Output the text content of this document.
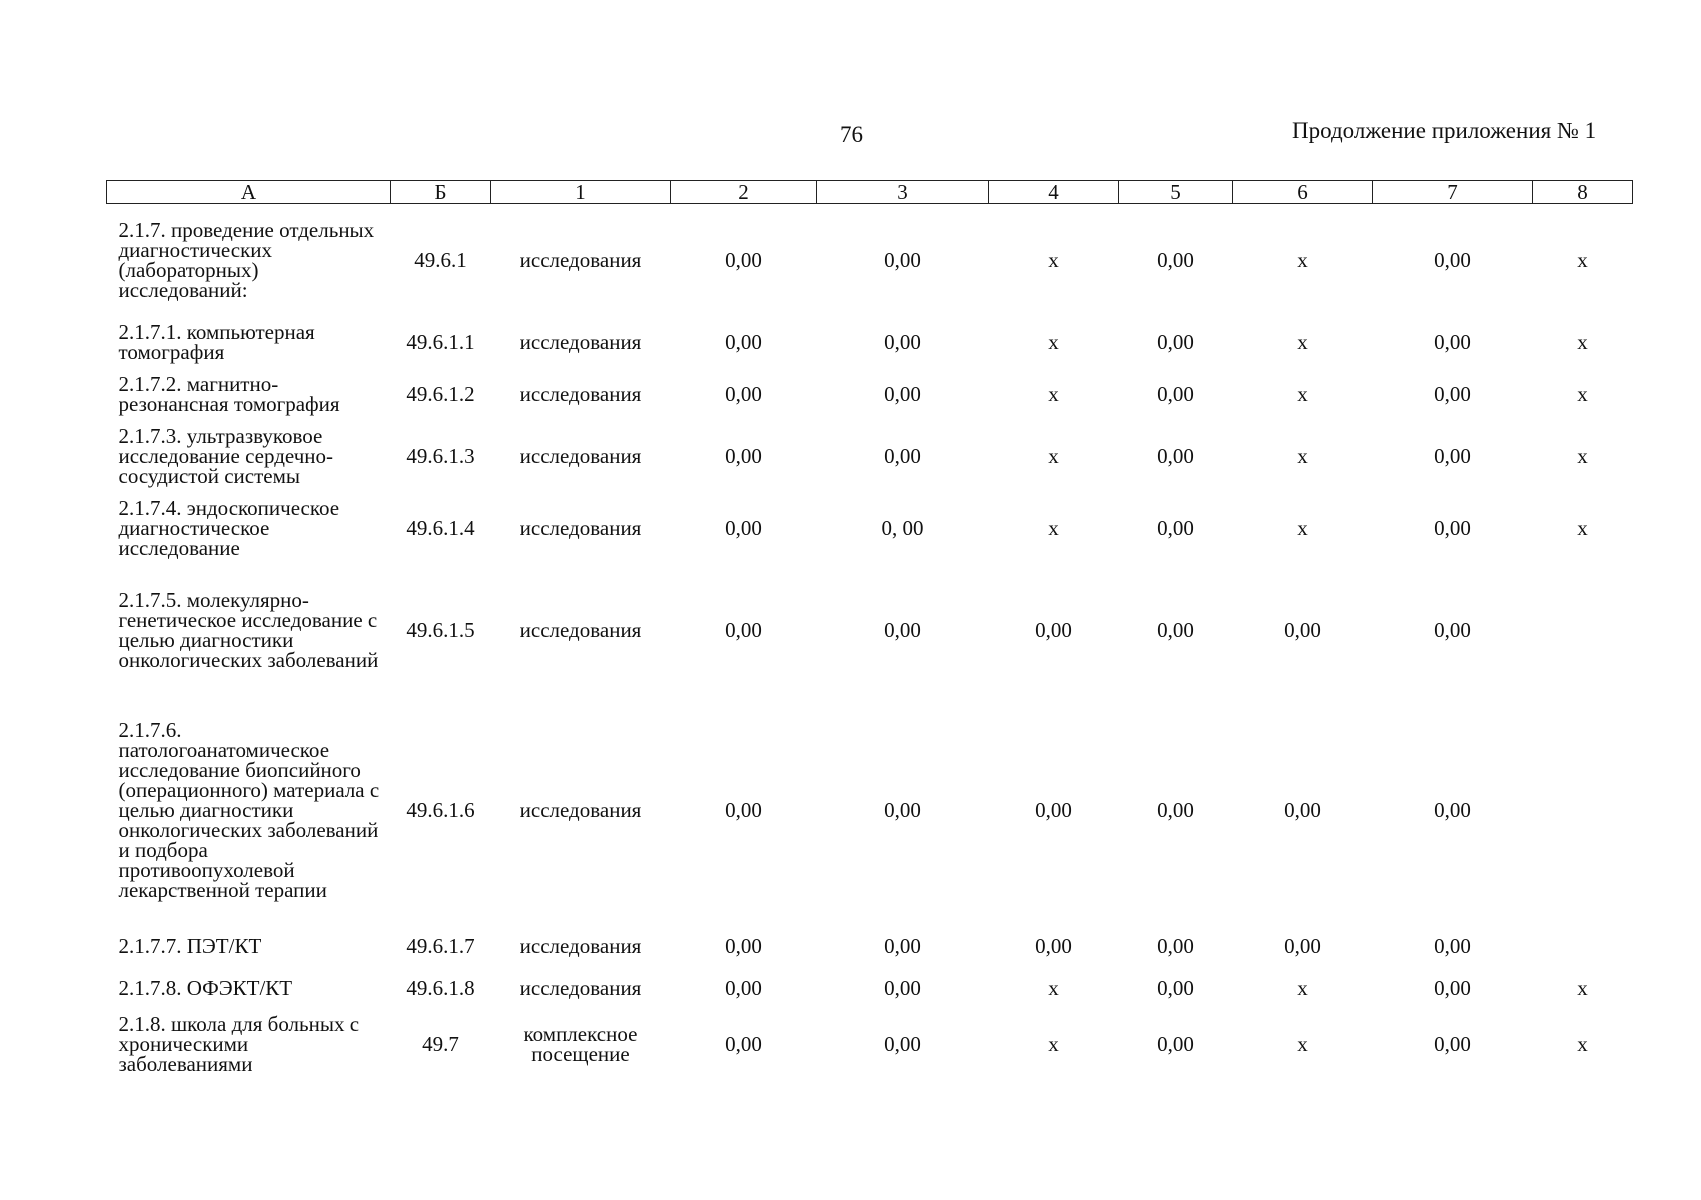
76	Продолжение приложения № 1
А	Б	1	2	3	4	5	6	7	8
2.1.7. проведение отдельных диагностических (лабораторных) исследований:	49.6.1	исследования	0,00	0,00	х	0,00	х	0,00	х
2.1.7.1. компьютерная томография	49.6.1.1	исследования	0,00	0,00	х	0,00	х	0,00	х
2.1.7.2. магнитно-резонансная томография	49.6.1.2	исследования	0,00	0,00	х	0,00	х	0,00	х
2.1.7.3. ультразвуковое исследование сердечно-сосудистой системы	49.6.1.3	исследования	0,00	0,00	х	0,00	х	0,00	х
2.1.7.4. эндоскопическое диагностическое исследование	49.6.1.4	исследования	0,00	0, 00	х	0,00	х	0,00	х
2.1.7.5. молекулярно-генетическое исследование с целью диагностики онкологических заболеваний	49.6.1.5	исследования	0,00	0,00	0,00	0,00	0,00	0,00	
2.1.7.6. патологоанатомическое исследование биопсийного (операционного) материала с целью диагностики онкологических заболеваний и подбора противоопухолевой лекарственной терапии	49.6.1.6	исследования	0,00	0,00	0,00	0,00	0,00	0,00	
2.1.7.7. ПЭТ/КТ	49.6.1.7	исследования	0,00	0,00	0,00	0,00	0,00	0,00	
2.1.7.8. ОФЭКТ/КТ	49.6.1.8	исследования	0,00	0,00	х	0,00	х	0,00	х
2.1.8. школа для больных с хроническими заболеваниями	49.7	комплексное посещение	0,00	0,00	х	0,00	х	0,00	х
